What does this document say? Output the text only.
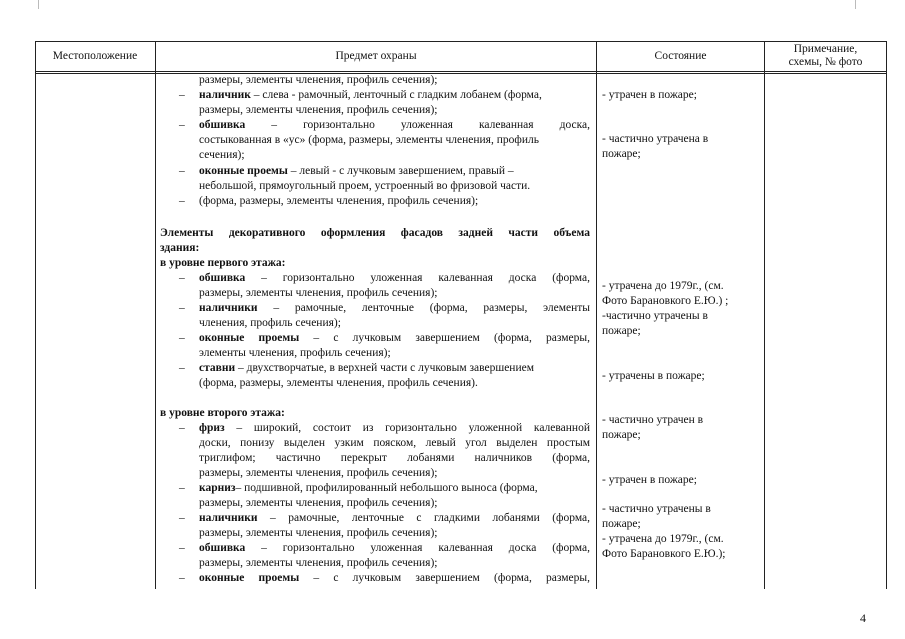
Местоположение	Предмет охраны	Состояние
Примечание,
схемы, № фото
размеры, элементы членения, профиль сечения);
– наличник – слева - рамочный, ленточный с гладким лобанем (форма,
размеры, элементы членения, профиль сечения);
– обшивка – горизонтально уложенная калеванная доска,
состыкованная в «ус» (форма, размеры, элементы членения, профиль
сечения);
– оконные проемы – левый - с лучковым завершением, правый –
небольшой, прямоугольный проем, устроенный во фризовой части.
– (форма, размеры, элементы членения, профиль сечения);
Элементы декоративного оформления фасадов задней части объема
здания:
в уровне первого этажа:
– обшивка – горизонтально уложенная калеванная доска (форма,
размеры, элементы членения, профиль сечения);
– наличники – рамочные, ленточные (форма, размеры, элементы
членения, профиль сечения);
– оконные проемы – с лучковым завершением (форма, размеры,
элементы членения, профиль сечения);
– ставни – двухстворчатые, в верхней части с лучковым завершением
(форма, размеры, элементы членения, профиль сечения).
в уровне второго этажа:
– фриз – широкий, состоит из горизонтально уложенной калеванной
доски, понизу выделен узким пояском, левый угол выделен простым
триглифом; частично перекрыт лобанями наличников (форма,
размеры, элементы членения, профиль сечения);
– карниз– подшивной, профилированный небольшого выноса (форма,
размеры, элементы членения, профиль сечения);
– наличники – рамочные, ленточные с гладкими лобанями (форма,
размеры, элементы членения, профиль сечения);
– обшивка – горизонтально уложенная калеванная доска (форма,
размеры, элементы членения, профиль сечения);
– оконные проемы – с лучковым завершением (форма, размеры,
- утрачен в пожаре;
- частично утрачена в
пожаре;
- утрачена до 1979г., (см.
Фото Барановкого Е.Ю.) ;
-частично утрачены в
пожаре;
- утрачены в пожаре;
- частично утрачен в
пожаре;
- утрачен в пожаре;
- частично утрачены в
пожаре;
- утрачена до 1979г., (см.
Фото Барановкого Е.Ю.);
4
